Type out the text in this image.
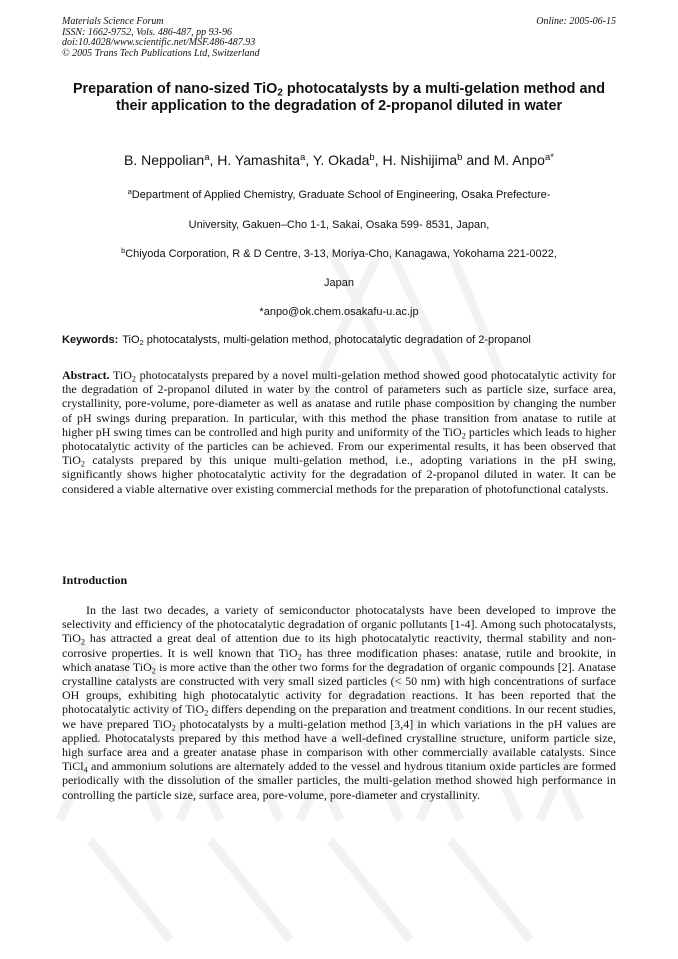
Materials Science Forum
ISSN: 1662-9752, Vols. 486-487, pp 93-96
doi:10.4028/www.scientific.net/MSF.486-487.93
© 2005 Trans Tech Publications Ltd, Switzerland
Online: 2005-06-15
Preparation of nano-sized TiO$_2$ photocatalysts by a multi-gelation method and their application to the degradation of 2-propanol diluted in water
B. Neppolian$^a$, H. Yamashita$^a$, Y. Okada$^b$, H. Nishijima$^b$ and M. Anpo$^{a*}$
$^a$Department of Applied Chemistry, Graduate School of Engineering, Osaka Prefecture-
University, Gakuen–Cho 1-1, Sakai, Osaka 599- 8531, Japan,
$^b$Chiyoda Corporation, R & D Centre, 3-13, Moriya-Cho, Kanagawa, Yokohama 221-0022,
Japan
*anpo@ok.chem.osakafu-u.ac.jp
Keywords: TiO$_2$ photocatalysts, multi-gelation method, photocatalytic degradation of 2-propanol

Abstract. TiO$_2$ photocatalysts prepared by a novel multi-gelation method showed good photocatalytic activity for the degradation of 2-propanol diluted in water by the control of parameters such as particle size, surface area, crystallinity, pore-volume, pore-diameter as well as anatase and rutile phase composition by changing the number of pH swings during preparation. In particular, with this method the phase transition from anatase to rutile at higher pH swing times can be controlled and high purity and uniformity of the TiO$_2$ particles which leads to higher photocatalytic activity of the particles can be achieved. From our experimental results, it has been observed that TiO$_2$ catalysts prepared by this unique multi-gelation method, i.e., adopting variations in the pH swing, significantly shows higher photocatalytic activity for the degradation of 2-propanol diluted in water. It can be considered a viable alternative over existing commercial methods for the preparation of photofunctional catalysts.

Introduction

In the last two decades, a variety of semiconductor photocatalysts have been developed to improve the selectivity and efficiency of the photocatalytic degradation of organic pollutants [1-4]. Among such photocatalysts, TiO$_2$ has attracted a great deal of attention due to its high photocatalytic reactivity, thermal stability and non-corrosive properties. It is well known that TiO$_2$ has three modification phases: anatase, rutile and brookite, in which anatase TiO$_2$ is more active than the other two forms for the degradation of organic compounds [2]. Anatase crystalline catalysts are constructed with very small sized particles (< 50 nm) with high concentrations of surface OH groups, exhibiting high photocatalytic activity for degradation reactions. It has been reported that the photocatalytic activity of TiO$_2$ differs depending on the preparation and treatment conditions. In our recent studies, we have prepared TiO$_2$ photocatalysts by a multi-gelation method [3,4] in which variations in the pH values are applied. Photocatalysts prepared by this method have a well-defined crystalline structure, uniform particle size, high surface area and a greater anatase phase in comparison with other commercially available catalysts. Since TiCl$_4$ and ammonium solutions are alternately added to the vessel and hydrous titanium oxide particles are formed periodically with the dissolution of the smaller particles, the multi-gelation method showed high performance in controlling the particle size, surface area, pore-volume, pore-diameter and crystallinity.
